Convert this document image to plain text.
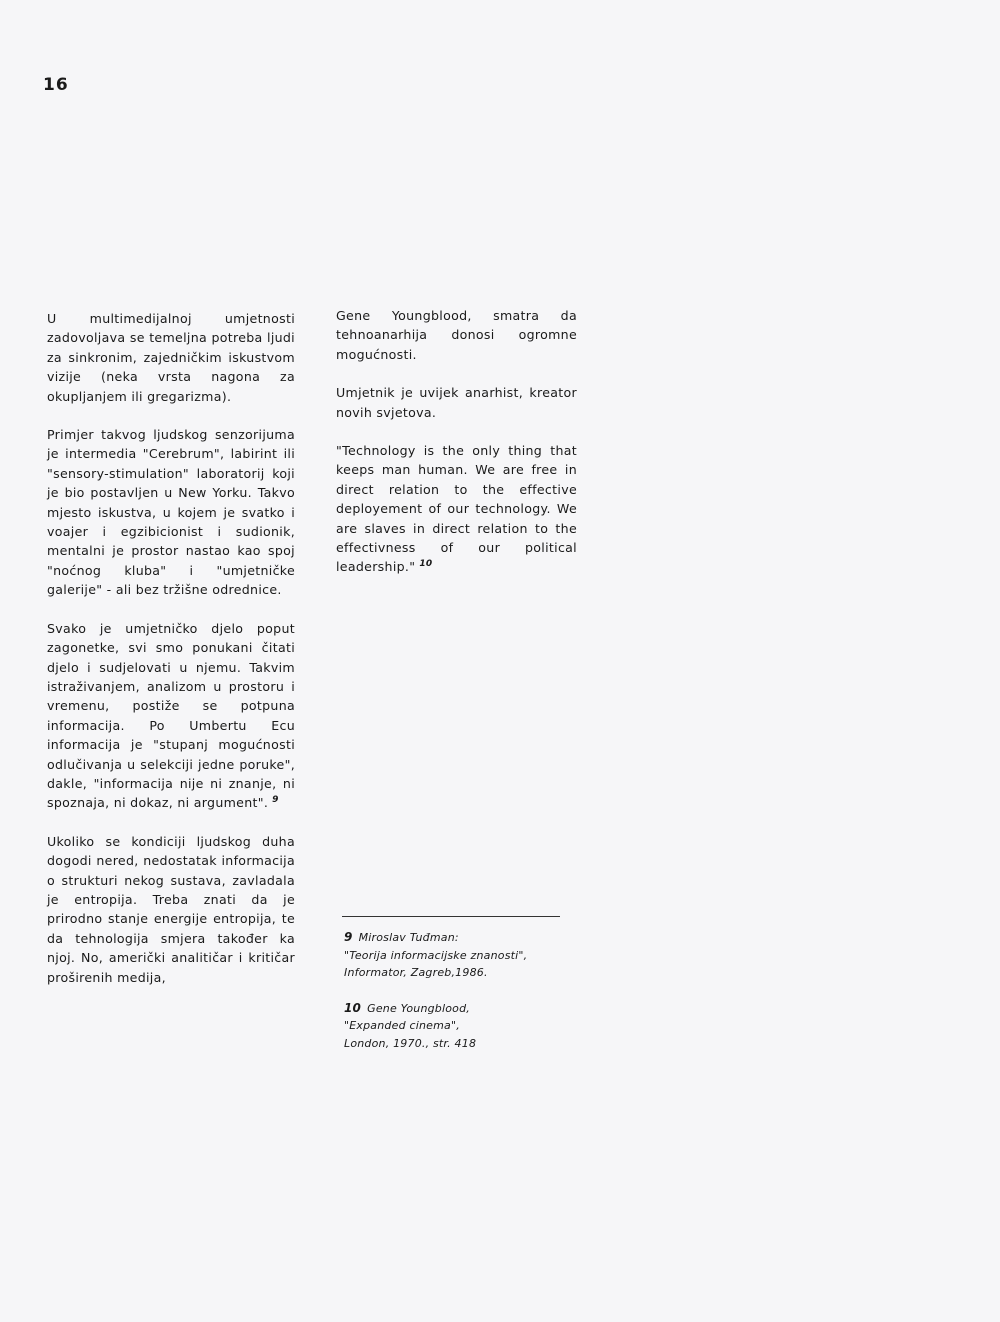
16

U multimedijalnoj umjetnosti zadovoljava se temeljna potreba ljudi za sinkronim, zajedničkim iskustvom vizije (neka vrsta nagona za okupljanjem ili gregarizma).

Primjer takvog ljudskog senzorijuma je intermedia "Cerebrum", labirint ili "sensory-stimulation" laboratorij koji je bio postavljen u New Yorku. Takvo mjesto iskustva, u kojem je svatko i voajer i egzibicionist i sudionik, mentalni je prostor nastao kao spoj "noćnog kluba" i "umjetničke galerije" - ali bez tržišne odrednice.

Svako je umjetničko djelo poput zagonetke, svi smo ponukani čitati djelo i sudjelovati u njemu. Takvim istraživanjem, analizom u prostoru i vremenu, postiže se potpuna informacija. Po Umbertu Ecu informacija je "stupanj mogućnosti odlučivanja u selekciji jedne poruke", dakle, "informacija nije ni znanje, ni spoznaja, ni dokaz, ni argument". $^9$

Ukoliko se kondiciji ljudskog duha dogodi nered, nedostatak informacija o strukturi nekog sustava, zavladala je entropija. Treba znati da je prirodno stanje energije entropija, te da tehnologija smjera također ka njoj. No, američki analitičar i kritičar proširenih medija,

Gene Youngblood, smatra da tehnoanarhija donosi ogromne mogućnosti.

Umjetnik je uvijek anarhist, kreator novih svjetova.

"Technology is the only thing that keeps man human. We are free in direct relation to the effective deployement of our technology. We are slaves in direct relation to the effectivness of our political leadership." $^{10}$

9 Miroslav Tuđman:
"Teorija informacijske znanosti",
Informator, Zagreb,1986.
10 Gene Youngblood,
"Expanded cinema",
London, 1970., str. 418
